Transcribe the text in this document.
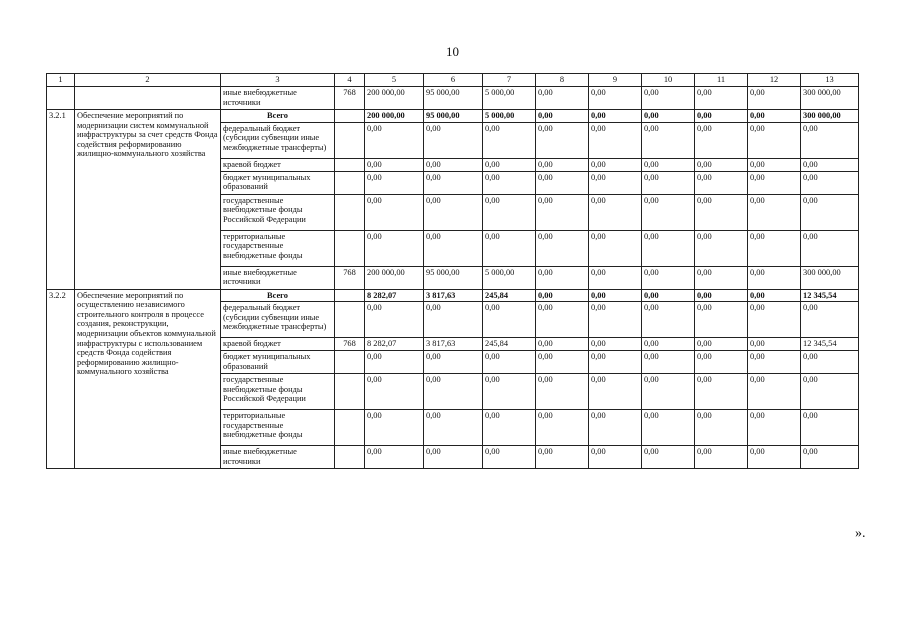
10
1	2	3	4	5	6	7	8	9	10	11	12	13
		иные внебюджетные источники	768	200 000,00	95 000,00	5 000,00	0,00	0,00	0,00	0,00	0,00	300 000,00
3.2.1	Обеспечение мероприятий по модернизации систем коммунальной инфраструктуры за счет средств Фонда содействия реформированию жилищно-коммунального хозяйства	Всего		200 000,00	95 000,00	5 000,00	0,00	0,00	0,00	0,00	0,00	300 000,00
		федеральный бюджет (субсидии субвенции иные межбюджетные трансферты)		0,00	0,00	0,00	0,00	0,00	0,00	0,00	0,00	0,00
		краевой бюджет		0,00	0,00	0,00	0,00	0,00	0,00	0,00	0,00	0,00
		бюджет муниципальных образований		0,00	0,00	0,00	0,00	0,00	0,00	0,00	0,00	0,00
		государственные внебюджетные фонды Российской Федерации		0,00	0,00	0,00	0,00	0,00	0,00	0,00	0,00	0,00
		территориальные государственные внебюджетные фонды		0,00	0,00	0,00	0,00	0,00	0,00	0,00	0,00	0,00
		иные внебюджетные источники	768	200 000,00	95 000,00	5 000,00	0,00	0,00	0,00	0,00	0,00	300 000,00
3.2.2	Обеспечение мероприятий по осуществлению независимого строительного контроля в процессе создания, реконструкции, модернизации объектов коммунальной инфраструктуры с использованием средств Фонда содействия реформированию жилищно-коммунального хозяйства	Всего		8 282,07	3 817,63	245,84	0,00	0,00	0,00	0,00	0,00	12 345,54
		федеральный бюджет (субсидии субвенции иные межбюджетные трансферты)		0,00	0,00	0,00	0,00	0,00	0,00	0,00	0,00	0,00
		краевой бюджет	768	8 282,07	3 817,63	245,84	0,00	0,00	0,00	0,00	0,00	12 345,54
		бюджет муниципальных образований		0,00	0,00	0,00	0,00	0,00	0,00	0,00	0,00	0,00
		государственные внебюджетные фонды Российской Федерации		0,00	0,00	0,00	0,00	0,00	0,00	0,00	0,00	0,00
		территориальные государственные внебюджетные фонды		0,00	0,00	0,00	0,00	0,00	0,00	0,00	0,00	0,00
		иные внебюджетные источники		0,00	0,00	0,00	0,00	0,00	0,00	0,00	0,00	0,00
».
